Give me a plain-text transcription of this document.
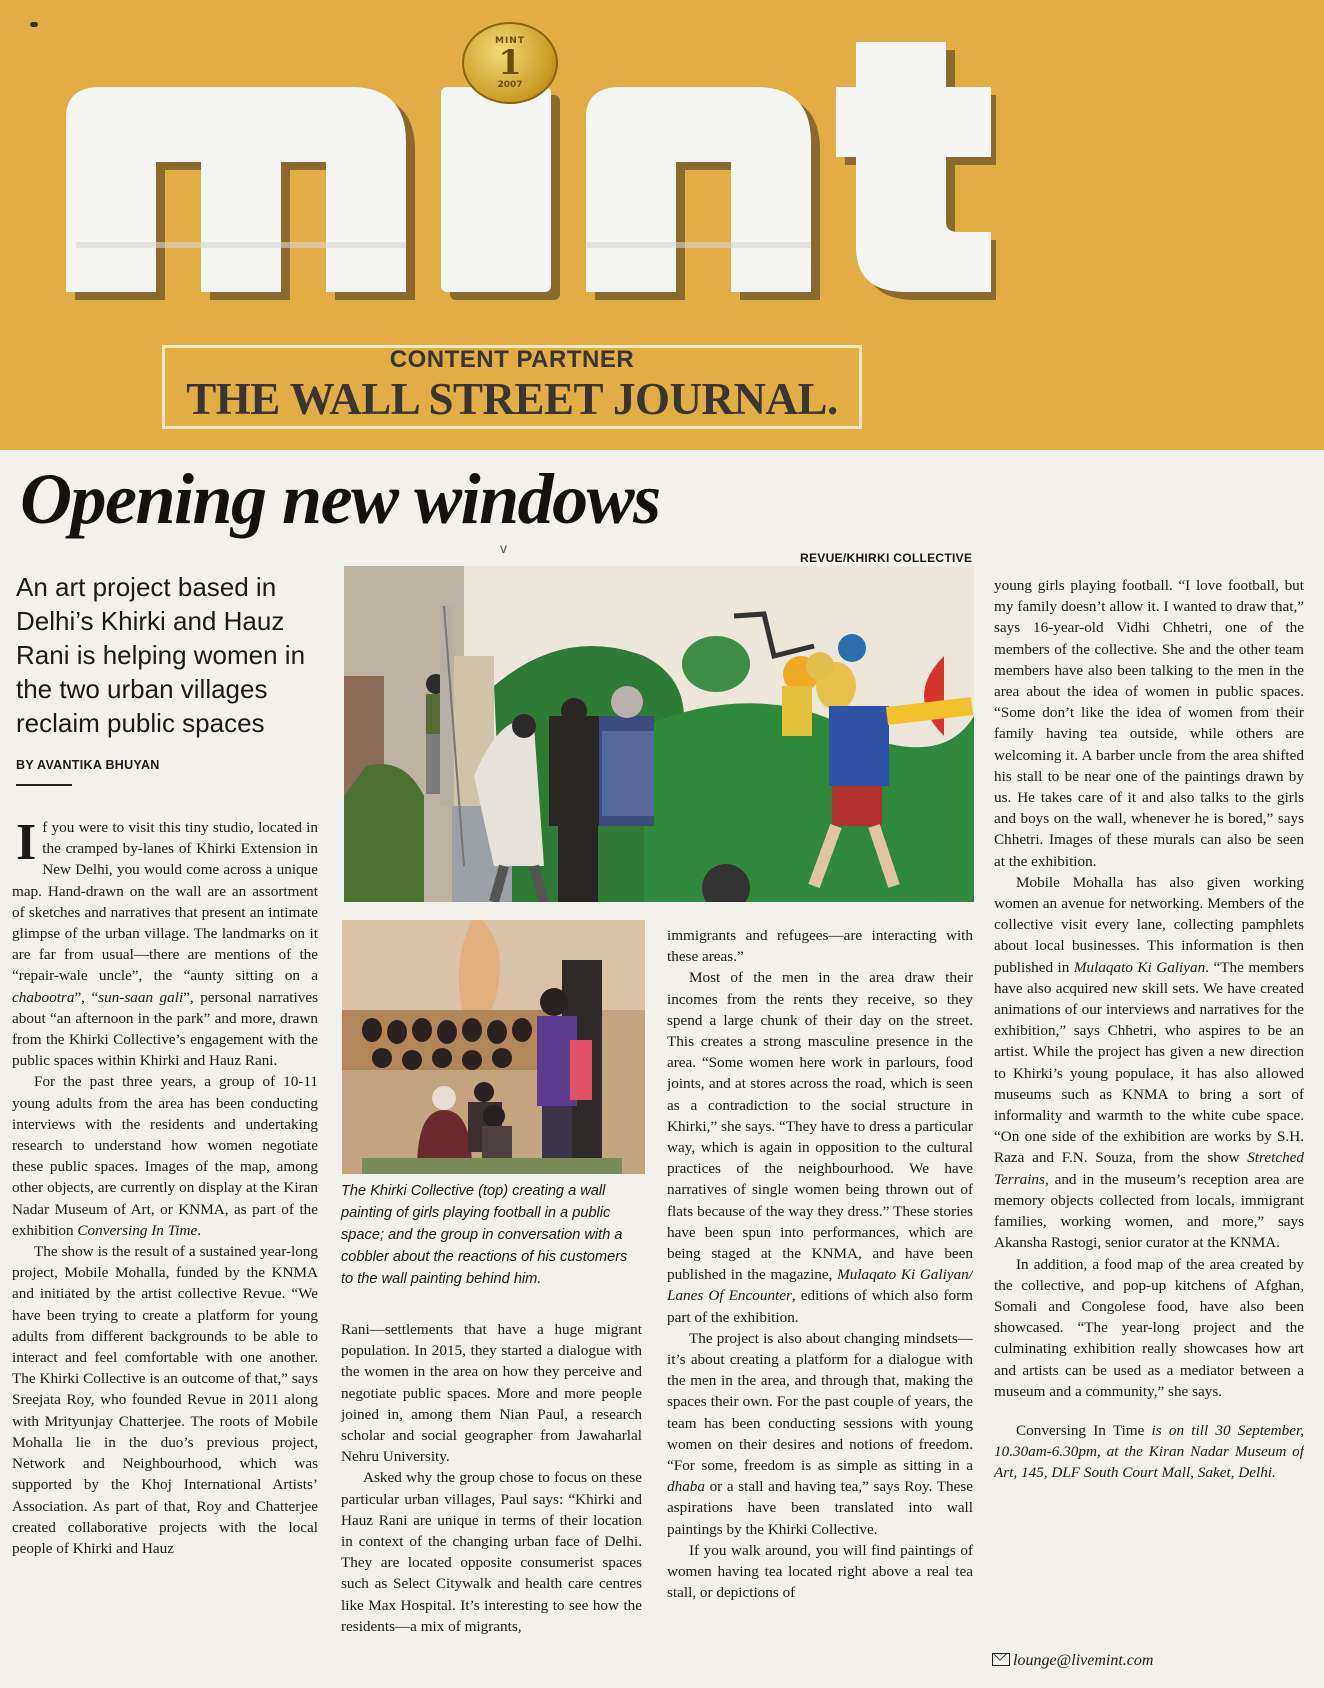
MINT
1
2007
CONTENT PARTNER
THE WALL STREET JOURNAL.
Opening new windows
v
An art project based in Delhi’s Khirki and Hauz Rani is helping women in the two urban villages reclaim public spaces
BY AVANTIKA BHUYAN
REVUE/KHIRKI COLLECTIVE
The Khirki Collective (top) creating a wall painting of girls playing football in a public space; and the group in conversation with a cobbler about the reactions of his customers to the wall painting behind him.

If you were to visit this tiny studio, located in the cramped by-lanes of Khirki Extension in New Delhi, you would come across a unique map. Hand-drawn on the wall are an assortment of sketches and narratives that present an intimate glimpse of the urban village. The landmarks on it are far from usual—there are mentions of the “repair-wale uncle”, the “aunty sitting on a chabootra”, “sun-saan gali”, personal narratives about “an afternoon in the park” and more, drawn from the Khirki Collective’s engagement with the public spaces within Khirki and Hauz Rani.

For the past three years, a group of 10-11 young adults from the area has been conducting interviews with the residents and undertaking research to understand how women negotiate these public spaces. Images of the map, among other objects, are currently on display at the Kiran Nadar Museum of Art, or KNMA, as part of the exhibition Conversing In Time.

The show is the result of a sustained year-long project, Mobile Mohalla, funded by the KNMA and initiated by the artist collective Revue. “We have been trying to create a platform for young adults from different backgrounds to be able to interact and feel comfortable with one another. The Khirki Collective is an outcome of that,” says Sreejata Roy, who founded Revue in 2011 along with Mrityunjay Chatterjee. The roots of Mobile Mohalla lie in the duo’s previous project, Network and Neighbourhood, which was supported by the Khoj International Artists’ Association. As part of that, Roy and Chatterjee created collaborative projects with the local people of Khirki and Hauz

Rani—settlements that have a huge migrant population. In 2015, they started a dialogue with the women in the area on how they perceive and negotiate public spaces. More and more people joined in, among them Nian Paul, a research scholar and social geographer from Jawaharlal Nehru University.

Asked why the group chose to focus on these particular urban villages, Paul says: “Khirki and Hauz Rani are unique in terms of their location in context of the changing urban face of Delhi. They are located opposite consumerist spaces such as Select Citywalk and health care centres like Max Hospital. It’s interesting to see how the residents—a mix of migrants,

immigrants and refugees—are interacting with these areas.”

Most of the men in the area draw their incomes from the rents they receive, so they spend a large chunk of their day on the street. This creates a strong masculine presence in the area. “Some women here work in parlours, food joints, and at stores across the road, which is seen as a contradiction to the social structure in Khirki,” she says. “They have to dress a particular way, which is again in opposition to the cultural practices of the neighbourhood. We have narratives of single women being thrown out of flats because of the way they dress.” These stories have been spun into performances, which are being staged at the KNMA, and have been published in the magazine, Mulaqato Ki Galiyan/ Lanes Of Encounter, editions of which also form part of the exhibition.

The project is also about changing mindsets—it’s about creating a platform for a dialogue with the men in the area, and through that, making the spaces their own. For the past couple of years, the team has been conducting sessions with young women on their desires and notions of freedom. “For some, freedom is as simple as sitting in a dhaba or a stall and having tea,” says Roy. These aspirations have been translated into wall paintings by the Khirki Collective.

If you walk around, you will find paintings of women having tea located right above a real tea stall, or depictions of

young girls playing football. “I love football, but my family doesn’t allow it. I wanted to draw that,” says 16-year-old Vidhi Chhetri, one of the members of the collective. She and the other team members have also been talking to the men in the area about the idea of women in public spaces. “Some don’t like the idea of women from their family having tea outside, while others are welcoming it. A barber uncle from the area shifted his stall to be near one of the paintings drawn by us. He takes care of it and also talks to the girls and boys on the wall, whenever he is bored,” says Chhetri. Images of these murals can also be seen at the exhibition.

Mobile Mohalla has also given working women an avenue for networking. Members of the collective visit every lane, collecting pamphlets about local businesses. This information is then published in Mulaqato Ki Galiyan. “The members have also acquired new skill sets. We have created animations of our interviews and narratives for the exhibition,” says Chhetri, who aspires to be an artist. While the project has given a new direction to Khirki’s young populace, it has also allowed museums such as KNMA to bring a sort of informality and warmth to the white cube space. “On one side of the exhibition are works by S.H. Raza and F.N. Souza, from the show Stretched Terrains, and in the museum’s reception area are memory objects collected from locals, immigrant families, working women, and more,” says Akansha Rastogi, senior curator at the KNMA.

In addition, a food map of the area created by the collective, and pop-up kitchens of Afghan, Somali and Congolese food, have also been showcased. “The year-long project and the culminating exhibition really showcases how art and artists can be used as a mediator between a museum and a community,” she says.

Conversing In Time is on till 30 September, 10.30am-6.30pm, at the Kiran Nadar Museum of Art, 145, DLF South Court Mall, Saket, Delhi.

lounge@livemint.com
